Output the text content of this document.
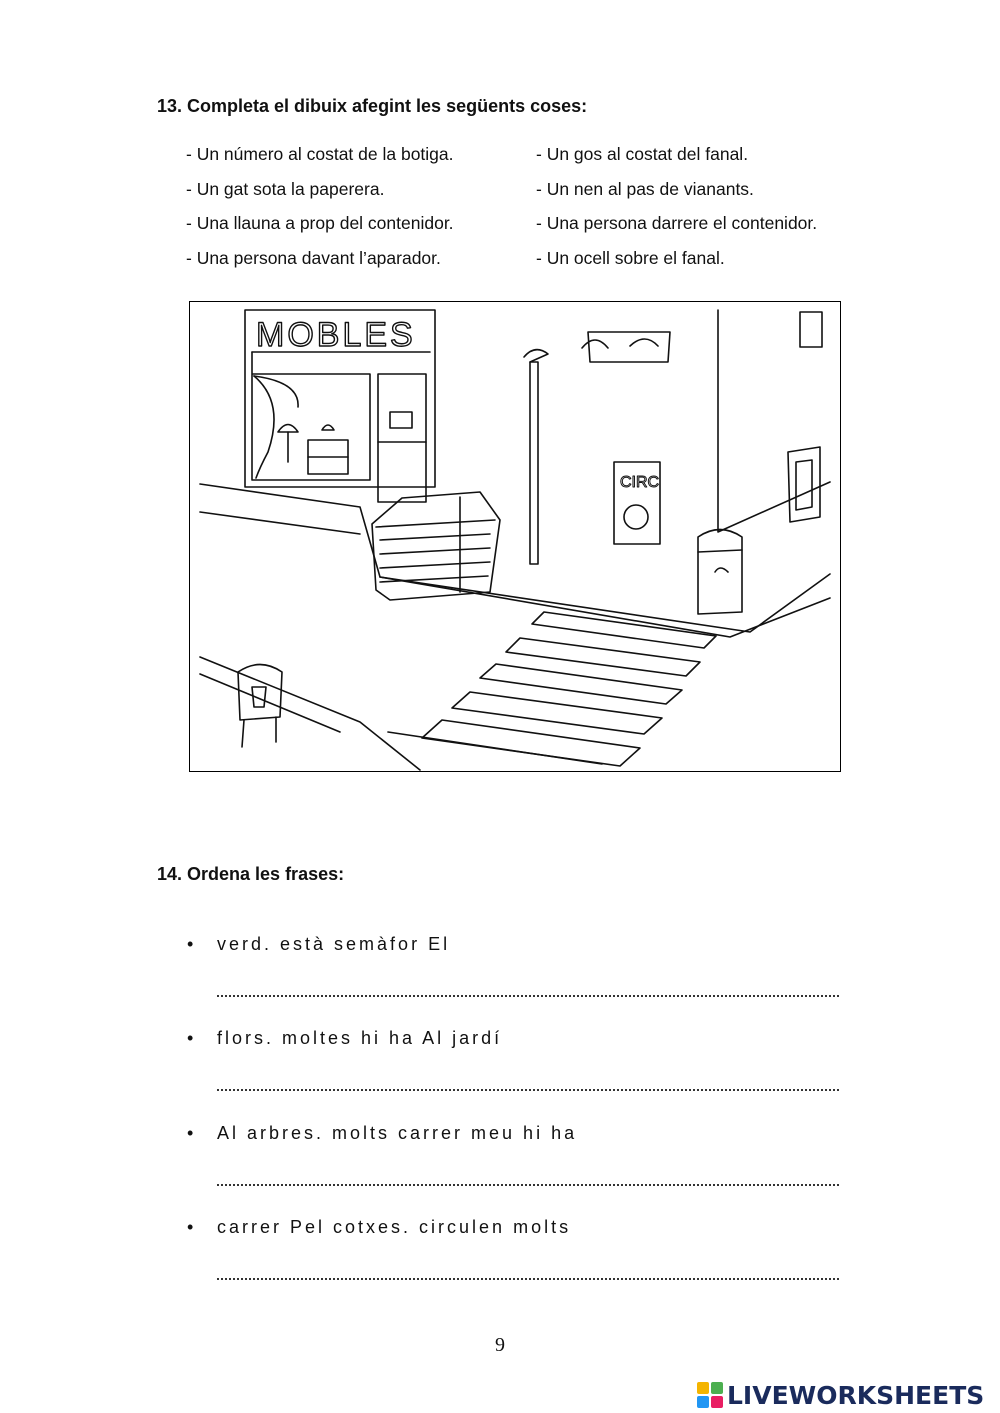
13. Completa el dibuix afegint les següents coses:
- Un número al costat de la botiga.
- Un gat sota la paperera.
- Una llauna a prop del contenidor.
- Una persona davant l’aparador.
- Un gos al costat del fanal.
- Un nen al pas de vianants.
- Una persona darrere el contenidor.
- Un ocell sobre el fanal.
MOBLES
CIRC
14. Ordena les frases:
• verd. està semàfor El
• flors. moltes hi ha Al jardí
• Al arbres. molts carrer meu hi ha
• carrer Pel cotxes. circulen molts
9
LIVEWORKSHEETS
